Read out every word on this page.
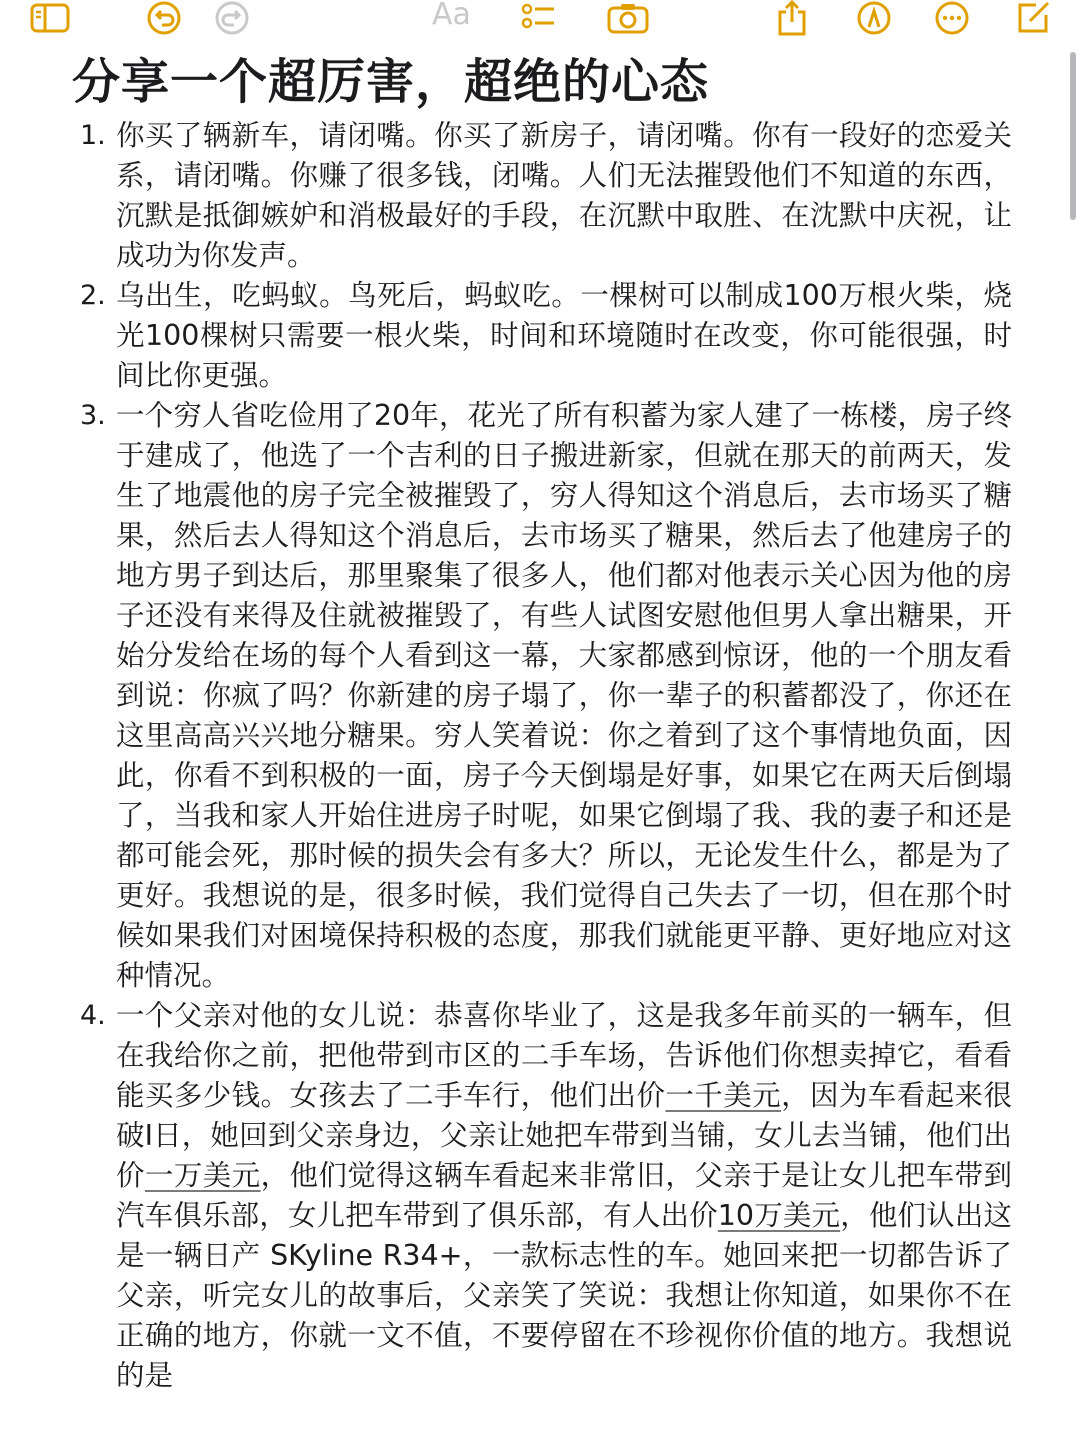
Aa
分享一个超厉害，超绝的心态
1. 你买了辆新车，请闭嘴。你买了新房子，请闭嘴。你有一段好的恋爱关系，请闭嘴。你赚了很多钱，闭嘴。人们无法摧毁他们不知道的东西，沉默是抵御嫉妒和消极最好的手段，在沉默中取胜、在沈默中庆祝，让成功为你发声。

2. 乌出生，吃蚂蚁。鸟死后，蚂蚁吃。一棵树可以制成100万根火柴，烧光100棵树只需要一根火柴，时间和环境随时在改变，你可能很强，时间比你更强。

3. 一个穷人省吃俭用了20年，花光了所有积蓄为家人建了一栋楼，房子终于建成了，他选了一个吉利的日子搬进新家，但就在那天的前两天，发生了地震他的房子完全被摧毁了，穷人得知这个消息后，去市场买了糖果，然后去人得知这个消息后，去市场买了糖果，然后去了他建房子的地方男子到达后，那里聚集了很多人，他们都对他表示关心因为他的房子还没有来得及住就被摧毁了，有些人试图安慰他但男人拿出糖果，开始分发给在场的每个人看到这一幕，大家都感到惊讶，他的一个朋友看到说：你疯了吗？你新建的房子塌了，你一辈子的积蓄都没了，你还在这里高高兴兴地分糖果。穷人笑着说：你之着到了这个事情地负面，因此，你看不到积极的一面，房子今天倒塌是好事，如果它在两天后倒塌了，当我和家人开始住进房子时呢，如果它倒塌了我、我的妻子和还是都可能会死，那时候的损失会有多大？所以，无论发生什么，都是为了更好。我想说的是，很多时候，我们觉得自己失去了一切，但在那个时候如果我们对困境保持积极的态度，那我们就能更平静、更好地应对这种情况。

4. 一个父亲对他的女儿说：恭喜你毕业了，这是我多年前买的一辆车，但在我给你之前，把他带到市区的二手车场，告诉他们你想卖掉它，看看能买多少钱。女孩去了二手车行，他们出价一千美元，因为车看起来很破I日，她回到父亲身边，父亲让她把车带到当铺，女儿去当铺，他们出价一万美元，他们觉得这辆车看起来非常旧，父亲于是让女儿把车带到汽车俱乐部，女儿把车带到了俱乐部，有人出价10万美元，他们认出这是一辆日产 SKyline R34+，一款标志性的车。她回来把一切都告诉了父亲，听完女儿的故事后，父亲笑了笑说：我想让你知道，如果你不在正确的地方，你就一文不值，不要停留在不珍视你价值的地方。我想说的是
